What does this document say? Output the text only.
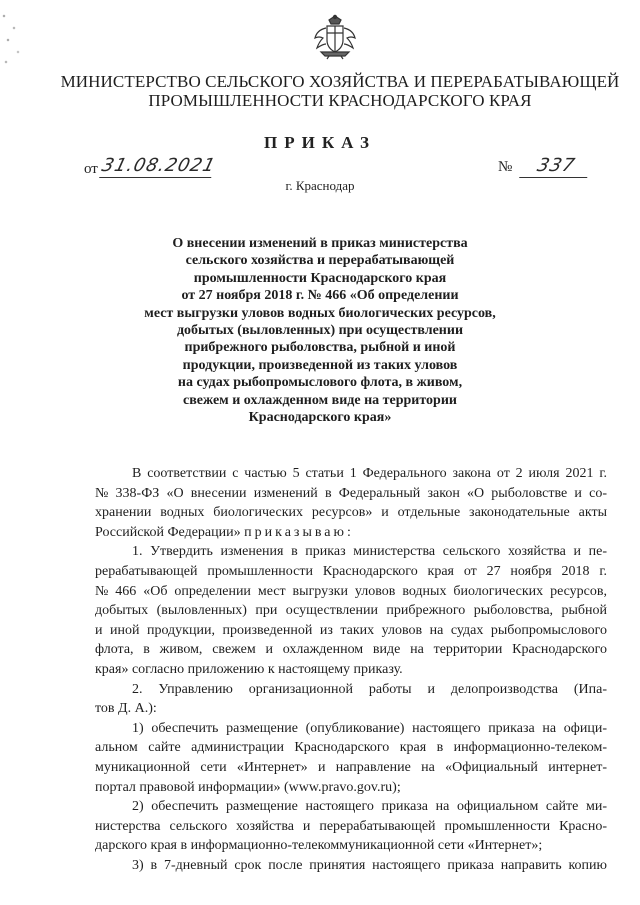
МИНИСТЕРСТВО СЕЛЬСКОГО ХОЗЯЙСТВА И ПЕРЕРАБАТЫВАЮЩЕЙ
ПРОМЫШЛЕННОСТИ КРАСНОДАРСКОГО КРАЯ
ПРИКАЗ
от 31.08.2021	№ 337
г. Краснодар
О внесении изменений в приказ министерства
сельского хозяйства и перерабатывающей
промышленности Краснодарского края
от 27 ноября 2018 г. № 466 «Об определении
мест выгрузки уловов водных биологических ресурсов,
добытых (выловленных) при осуществлении
прибрежного рыболовства, рыбной и иной
продукции, произведенной из таких уловов
на судах рыбопромыслового флота, в живом,
свежем и охлажденном виде на территории
Краснодарского края»
В соответствии с частью 5 статьи 1 Федерального закона от 2 июля 2021 г.
№ 338-ФЗ «О внесении изменений в Федеральный закон «О рыболовстве и со-
хранении водных биологических ресурсов» и отдельные законодательные акты
Российской Федерации»
приказываю:
1. Утвердить изменения в приказ министерства сельского хозяйства и пе-
рерабатывающей промышленности Краснодарского края от 27 ноября 2018 г.
№ 466 «Об определении мест выгрузки уловов водных биологических ресурсов,
добытых (выловленных) при осуществлении прибрежного рыболовства, рыбной
и иной продукции, произведенной из таких уловов на судах рыбопромыслового
флота, в живом, свежем и охлажденном виде на территории Краснодарского
края» согласно приложению к настоящему приказу.
2. Управлению организационной работы и делопроизводства (Ипа-
тов Д. А.):
1) обеспечить размещение (опубликование) настоящего приказа на офици-
альном сайте администрации Краснодарского края в информационно-телеком-
муникационной сети «Интернет» и направление на «Официальный интернет-
портал правовой информации» (www.pravo.gov.ru);
2) обеспечить размещение настоящего приказа на официальном сайте ми-
нистерства сельского хозяйства и перерабатывающей промышленности Красно-
дарского края в информационно-телекоммуникационной сети «Интернет»;
3) в 7-дневный срок после принятия настоящего приказа направить копию
